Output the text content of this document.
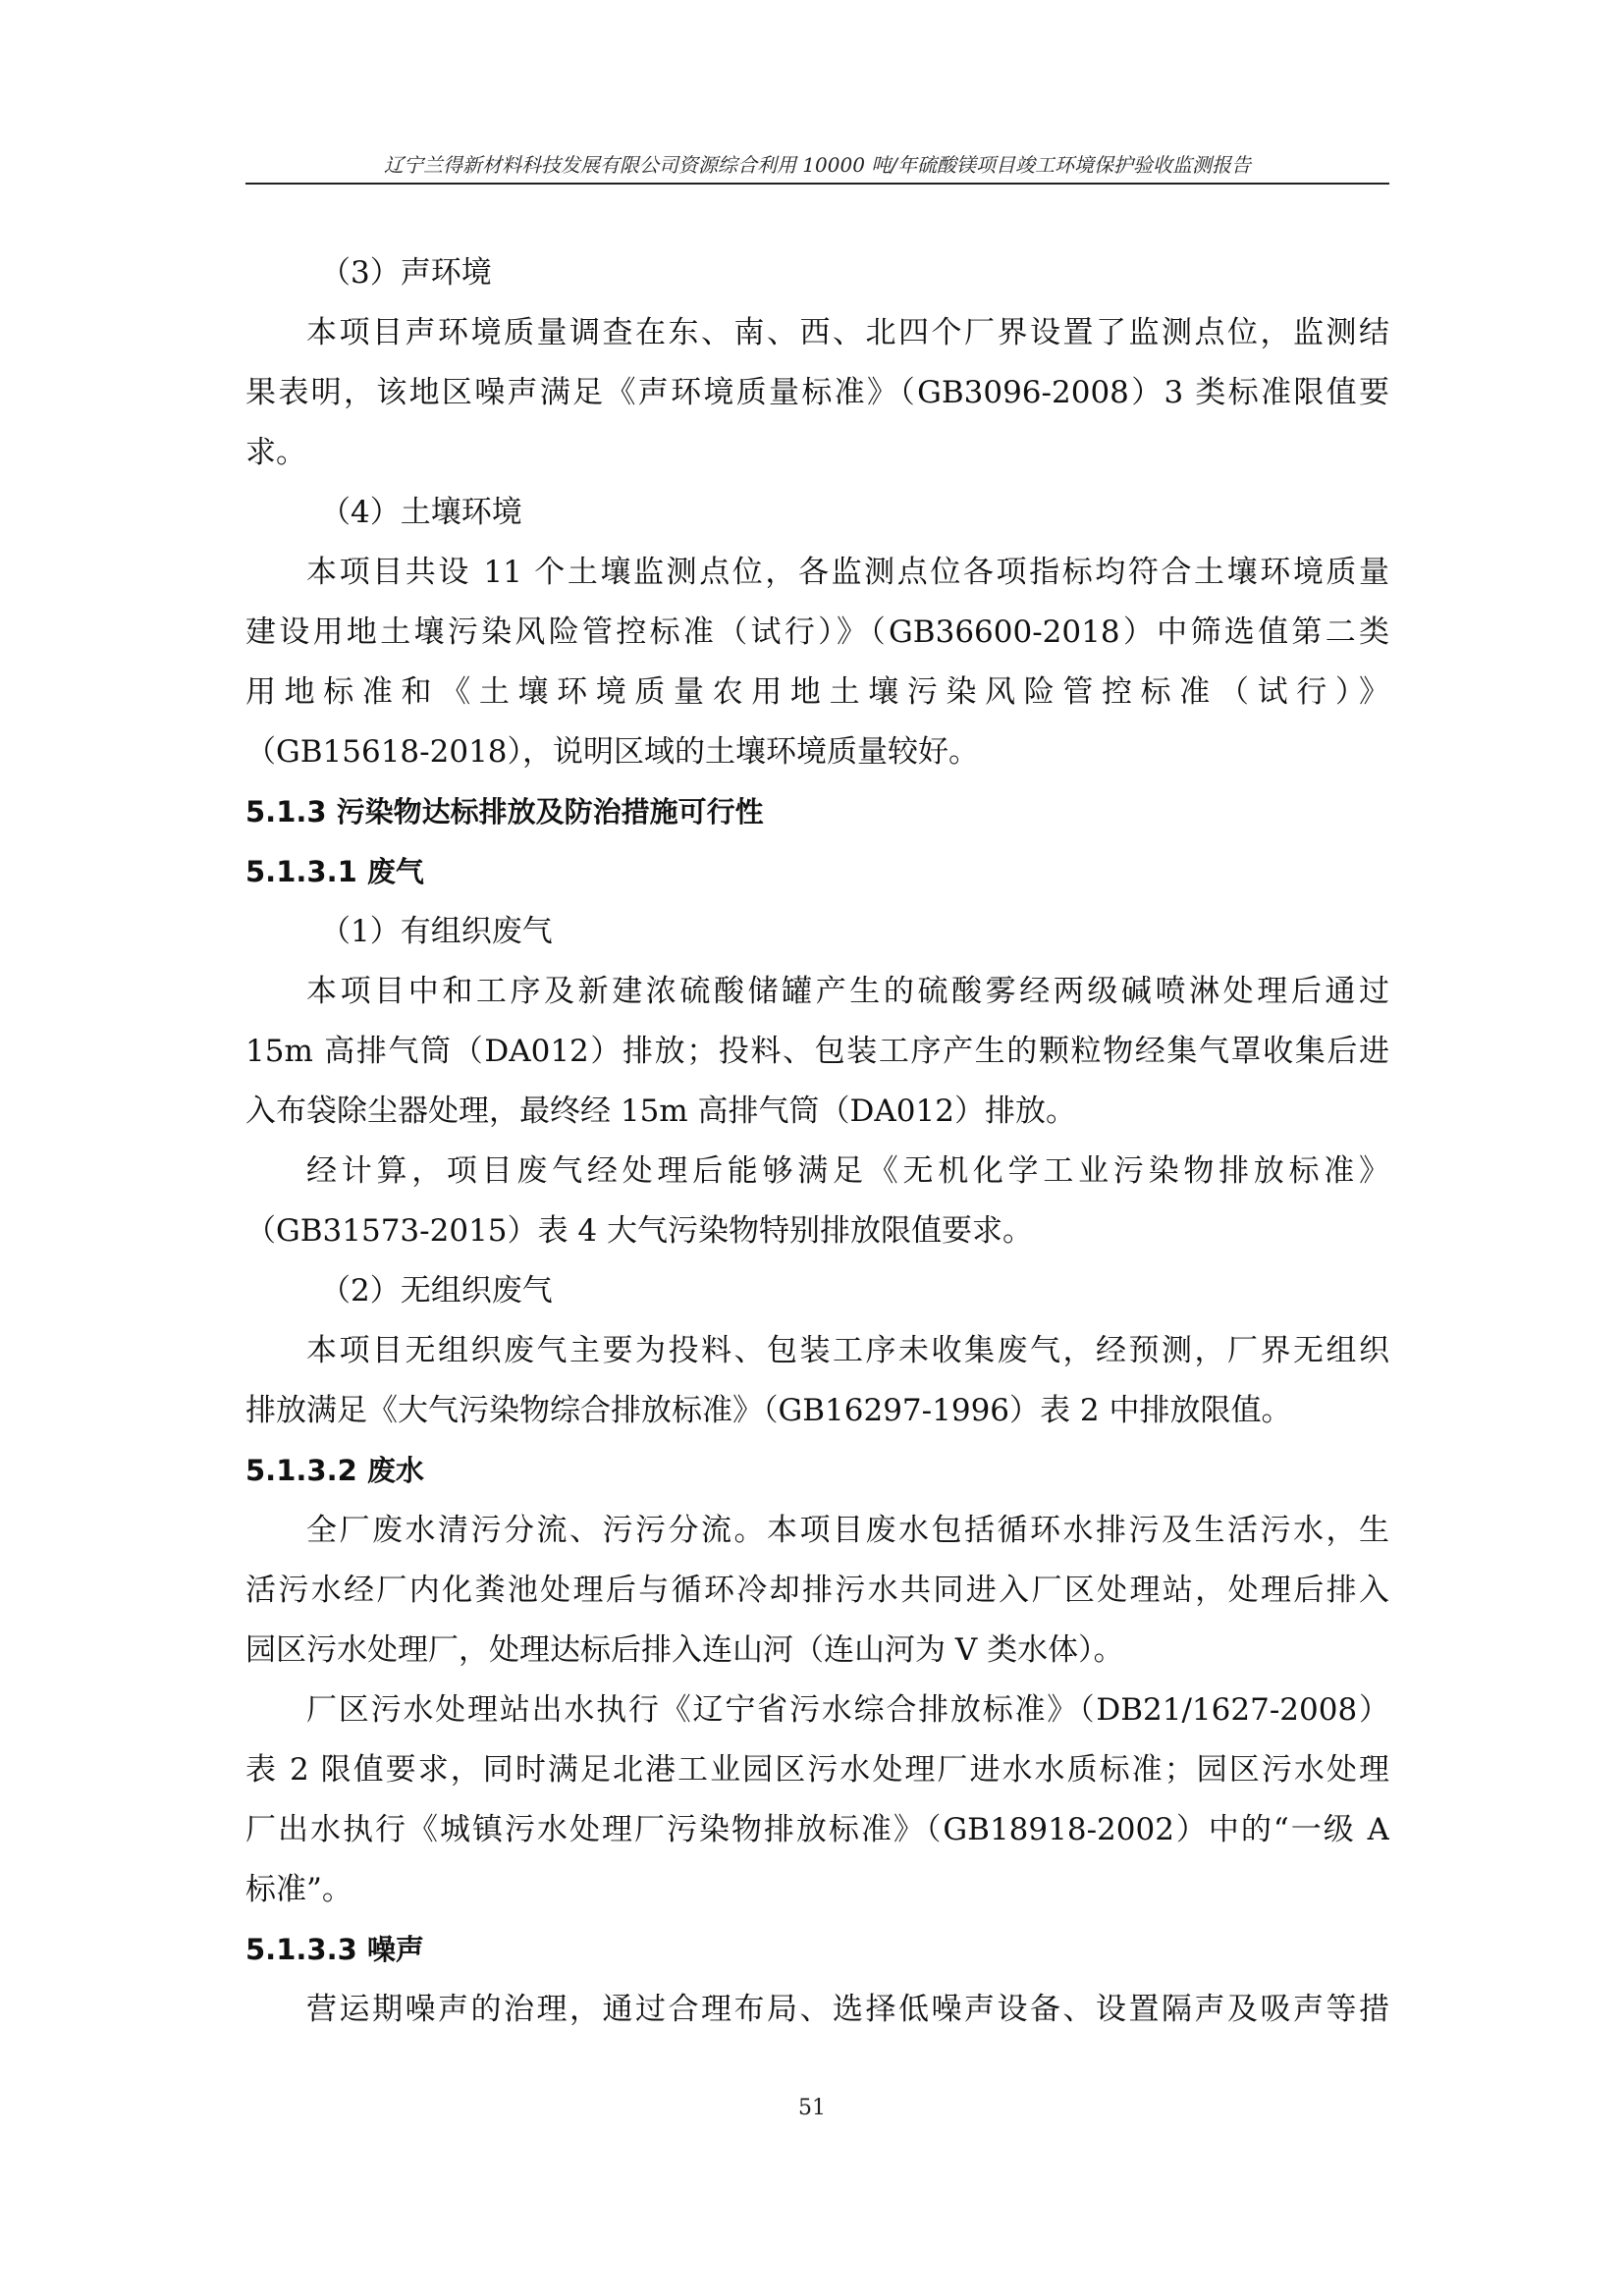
辽宁兰得新材料科技发展有限公司资源综合利用 10000 吨/年硫酸镁项目竣工环境保护验收监测报告
（3）声环境
本项目声环境质量调查在东、南、西、北四个厂界设置了监测点位，监测结
果表明，该地区噪声满足《声环境质量标准》（GB3096-2008）3 类标准限值要
求。
（4）土壤环境
本项目共设 11 个土壤监测点位，各监测点位各项指标均符合土壤环境质量
建设用地土壤污染风险管控标准（试行）》（GB36600-2018）中筛选值第二类
用地标准和《土壤环境质量农用地土壤污染风险管控标准（试行）》
（GB15618-2018），说明区域的土壤环境质量较好。
5.1.3 污染物达标排放及防治措施可行性
5.1.3.1 废气
（1）有组织废气
本项目中和工序及新建浓硫酸储罐产生的硫酸雾经两级碱喷淋处理后通过
15m 高排气筒（DA012）排放；投料、包装工序产生的颗粒物经集气罩收集后进
入布袋除尘器处理，最终经 15m 高排气筒（DA012）排放。
经计算，项目废气经处理后能够满足《无机化学工业污染物排放标准》
（GB31573-2015）表 4 大气污染物特别排放限值要求。
（2）无组织废气
本项目无组织废气主要为投料、包装工序未收集废气，经预测，厂界无组织
排放满足《大气污染物综合排放标准》（GB16297-1996）表 2 中排放限值。
5.1.3.2 废水
全厂废水清污分流、污污分流。本项目废水包括循环水排污及生活污水，生
活污水经厂内化粪池处理后与循环冷却排污水共同进入厂区处理站，处理后排入
园区污水处理厂，处理达标后排入连山河（连山河为 V 类水体）。
厂区污水处理站出水执行《辽宁省污水综合排放标准》（DB21/1627-2008）
表 2 限值要求，同时满足北港工业园区污水处理厂进水水质标准；园区污水处理
厂出水执行《城镇污水处理厂污染物排放标准》（GB18918-2002）中的“一级 A
标准”。
5.1.3.3 噪声
营运期噪声的治理，通过合理布局、选择低噪声设备、设置隔声及吸声等措
51
